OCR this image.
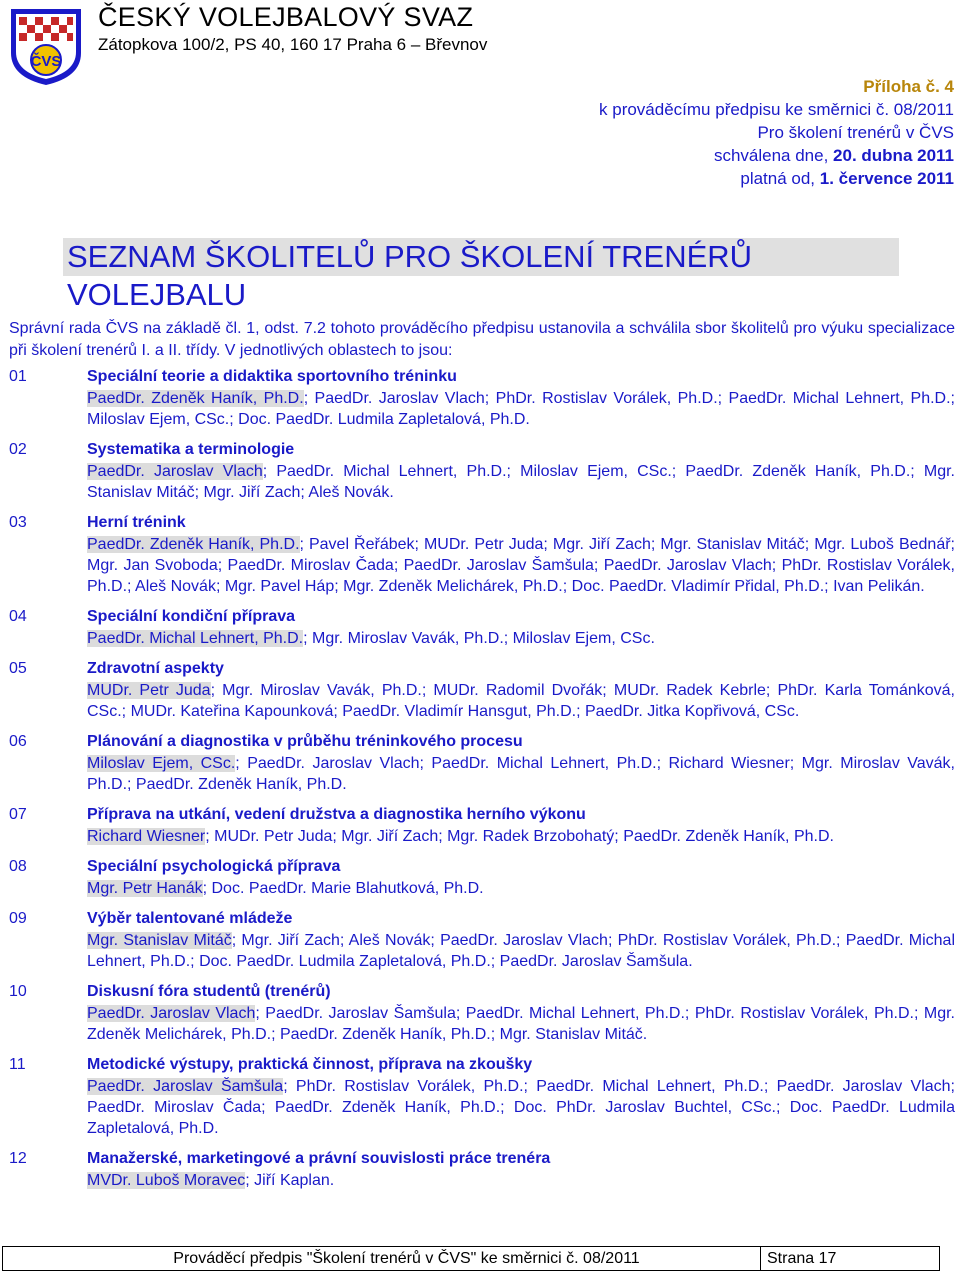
ČVS
ČESKÝ VOLEJBALOVÝ SVAZ
Zátopkova 100/2, PS 40, 160 17 Praha 6 – Břevnov
Příloha č. 4
k prováděcímu předpisu ke směrnici č. 08/2011
Pro školení trenérů v ČVS
schválena dne, 20. dubna 2011
platná od, 1. července 2011
SEZNAM ŠKOLITELŮ PRO ŠKOLENÍ TRENÉRŮ VOLEJBALU

Správní rada ČVS na základě čl. 1, odst. 7.2 tohoto prováděcího předpisu ustanovila a schválila sbor školitelů pro výuku specializace při školení trenérů I. a II. třídy. V jednotlivých oblastech to jsou:

01	Speciální teorie a didaktika sportovního tréninku
PaedDr. Zdeněk Haník, Ph.D.; PaedDr. Jaroslav Vlach; PhDr. Rostislav Vorálek, Ph.D.; PaedDr. Michal Lehnert, Ph.D.; Miloslav Ejem, CSc.; Doc. PaedDr. Ludmila Zapletalová, Ph.D.
02	Systematika a terminologie
PaedDr. Jaroslav Vlach; PaedDr. Michal Lehnert, Ph.D.; Miloslav Ejem, CSc.; PaedDr. Zdeněk Haník, Ph.D.; Mgr. Stanislav Mitáč; Mgr. Jiří Zach; Aleš Novák.
03	Herní trénink
PaedDr. Zdeněk Haník, Ph.D.; Pavel Řeřábek; MUDr. Petr Juda; Mgr. Jiří Zach; Mgr. Stanislav Mitáč; Mgr. Luboš Bednář; Mgr. Jan Svoboda; PaedDr. Miroslav Čada; PaedDr. Jaroslav Šamšula; PaedDr. Jaroslav Vlach; PhDr. Rostislav Vorálek, Ph.D.; Aleš Novák; Mgr. Pavel Háp; Mgr. Zdeněk Melichárek, Ph.D.; Doc. PaedDr. Vladimír Přidal, Ph.D.; Ivan Pelikán.
04	Speciální kondiční příprava
PaedDr. Michal Lehnert, Ph.D.; Mgr. Miroslav Vavák, Ph.D.; Miloslav Ejem, CSc.
05	Zdravotní aspekty
MUDr. Petr Juda; Mgr. Miroslav Vavák, Ph.D.; MUDr. Radomil Dvořák; MUDr. Radek Kebrle; PhDr. Karla Tománková, CSc.; MUDr. Kateřina Kapounková; PaedDr. Vladimír Hansgut, Ph.D.; PaedDr. Jitka Kopřivová, CSc.
06	Plánování a diagnostika v průběhu tréninkového procesu
Miloslav Ejem, CSc.; PaedDr. Jaroslav Vlach; PaedDr. Michal Lehnert, Ph.D.; Richard Wiesner; Mgr. Miroslav Vavák, Ph.D.; PaedDr. Zdeněk Haník, Ph.D.
07	Příprava na utkání, vedení družstva a diagnostika herního výkonu
Richard Wiesner; MUDr. Petr Juda; Mgr. Jiří Zach; Mgr. Radek Brzobohatý; PaedDr. Zdeněk Haník, Ph.D.
08	Speciální psychologická příprava
Mgr. Petr Hanák; Doc. PaedDr. Marie Blahutková, Ph.D.
09	Výběr talentované mládeže
Mgr. Stanislav Mitáč; Mgr. Jiří Zach; Aleš Novák; PaedDr. Jaroslav Vlach; PhDr. Rostislav Vorálek, Ph.D.; PaedDr. Michal Lehnert, Ph.D.; Doc. PaedDr. Ludmila Zapletalová, Ph.D.; PaedDr. Jaroslav Šamšula.
10	Diskusní fóra studentů (trenérů)
PaedDr. Jaroslav Vlach; PaedDr. Jaroslav Šamšula; PaedDr. Michal Lehnert, Ph.D.; PhDr. Rostislav Vorálek, Ph.D.; Mgr. Zdeněk Melichárek, Ph.D.; PaedDr. Zdeněk Haník, Ph.D.; Mgr. Stanislav Mitáč.
11	Metodické výstupy, praktická činnost, příprava na zkoušky
PaedDr. Jaroslav Šamšula; PhDr. Rostislav Vorálek, Ph.D.; PaedDr. Michal Lehnert, Ph.D.; PaedDr. Jaroslav Vlach; PaedDr. Miroslav Čada; PaedDr. Zdeněk Haník, Ph.D.; Doc. PhDr. Jaroslav Buchtel, CSc.; Doc. PaedDr. Ludmila Zapletalová, Ph.D.
12	Manažerské, marketingové a právní souvislosti práce trenéra
MVDr. Luboš Moravec; Jiří Kaplan.
Prováděcí předpis "Školení trenérů v ČVS" ke směrnici č. 08/2011	Strana 17
